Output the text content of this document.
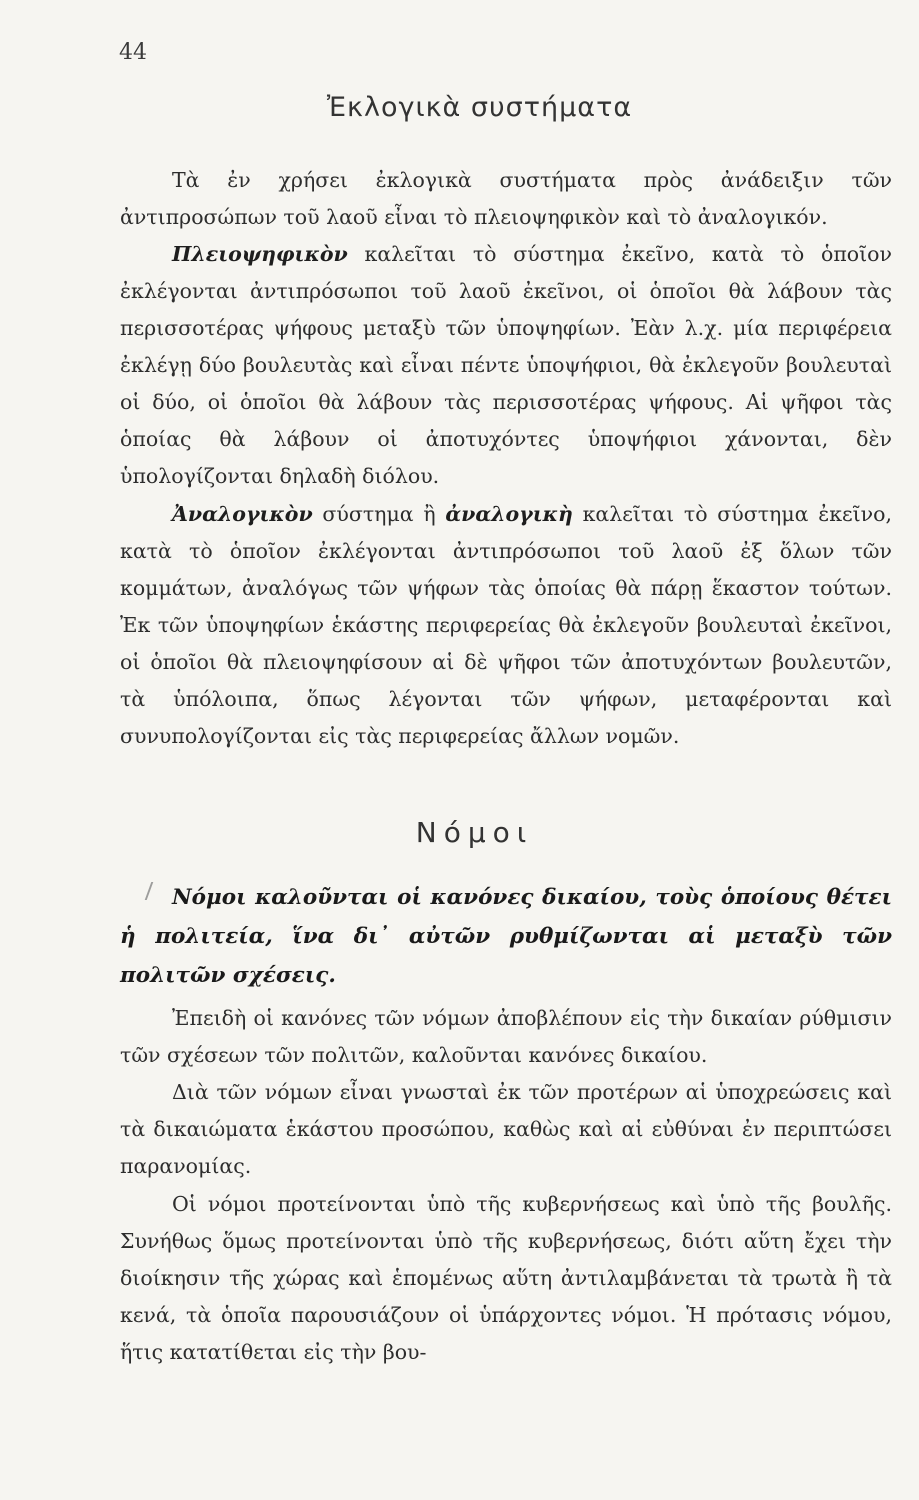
44
Ἐκλογικὰ συστήματα

Τὰ ἐν χρήσει ἐκλογικὰ συστήματα πρὸς ἀνάδειξιν τῶν ἀντιπροσώπων τοῦ λαοῦ εἶναι τὸ πλειοψηφικὸν καὶ τὸ ἀναλογικόν.

Πλειοψηφικὸν καλεῖται τὸ σύστημα ἐκεῖνο, κατὰ τὸ ὁποῖον ἐκλέγονται ἀντιπρόσωποι τοῦ λαοῦ ἐκεῖνοι, οἱ ὁποῖοι θὰ λάβουν τὰς περισσοτέρας ψήφους μεταξὺ τῶν ὑποψηφίων. Ἐὰν λ.χ. μία περιφέρεια ἐκλέγῃ δύο βουλευτὰς καὶ εἶναι πέντε ὑποψήφιοι, θὰ ἐκλεγοῦν βουλευταὶ οἱ δύο, οἱ ὁποῖοι θὰ λάβουν τὰς περισσοτέρας ψήφους. Αἱ ψῆφοι τὰς ὁποίας θὰ λάβουν οἱ ἀποτυχόντες ὑποψήφιοι χάνονται, δὲν ὑπολογίζονται δηλαδὴ διόλου.

Ἀναλογικὸν σύστημα ἢ ἀναλογικὴ καλεῖται τὸ σύστημα ἐκεῖνο, κατὰ τὸ ὁποῖον ἐκλέγονται ἀντιπρόσωποι τοῦ λαοῦ ἐξ ὅλων τῶν κομμάτων, ἀναλόγως τῶν ψήφων τὰς ὁποίας θὰ πάρῃ ἕκαστον τούτων. Ἐκ τῶν ὑποψηφίων ἑκάστης περιφερείας θὰ ἐκλεγοῦν βουλευταὶ ἐκεῖνοι, οἱ ὁποῖοι θὰ πλειοψηφίσουν αἱ δὲ ψῆφοι τῶν ἀποτυχόντων βουλευτῶν, τὰ ὑπόλοιπα, ὅπως λέγονται τῶν ψήφων, μεταφέρονται καὶ συνυπολογίζονται εἰς τὰς περιφερείας ἄλλων νομῶν.

Νόμοι

Νόμοι καλοῦνται οἱ κανόνες δικαίου, τοὺς ὁποίους θέτει ἡ πολιτεία, ἵνα δι᾽ αὐτῶν ρυθμίζωνται αἱ μεταξὺ τῶν πολιτῶν σχέσεις.

Ἐπειδὴ οἱ κανόνες τῶν νόμων ἀποβλέπουν εἰς τὴν δικαίαν ρύθμισιν τῶν σχέσεων τῶν πολιτῶν, καλοῦνται κανόνες δικαίου.

Διὰ τῶν νόμων εἶναι γνωσταὶ ἐκ τῶν προτέρων αἱ ὑποχρεώσεις καὶ τὰ δικαιώματα ἑκάστου προσώπου, καθὼς καὶ αἱ εὐθύναι ἐν περιπτώσει παρανομίας.

Οἱ νόμοι προτείνονται ὑπὸ τῆς κυβερνήσεως καὶ ὑπὸ τῆς βουλῆς. Συνήθως ὅμως προτείνονται ὑπὸ τῆς κυβερνήσεως, διότι αὕτη ἔχει τὴν διοίκησιν τῆς χώρας καὶ ἑπομένως αὕτη ἀντιλαμβάνεται τὰ τρωτὰ ἢ τὰ κενά, τὰ ὁποῖα παρουσιάζουν οἱ ὑπάρχοντες νόμοι. Ἡ πρότασις νόμου, ἥτις κατατίθεται εἰς τὴν βου-
